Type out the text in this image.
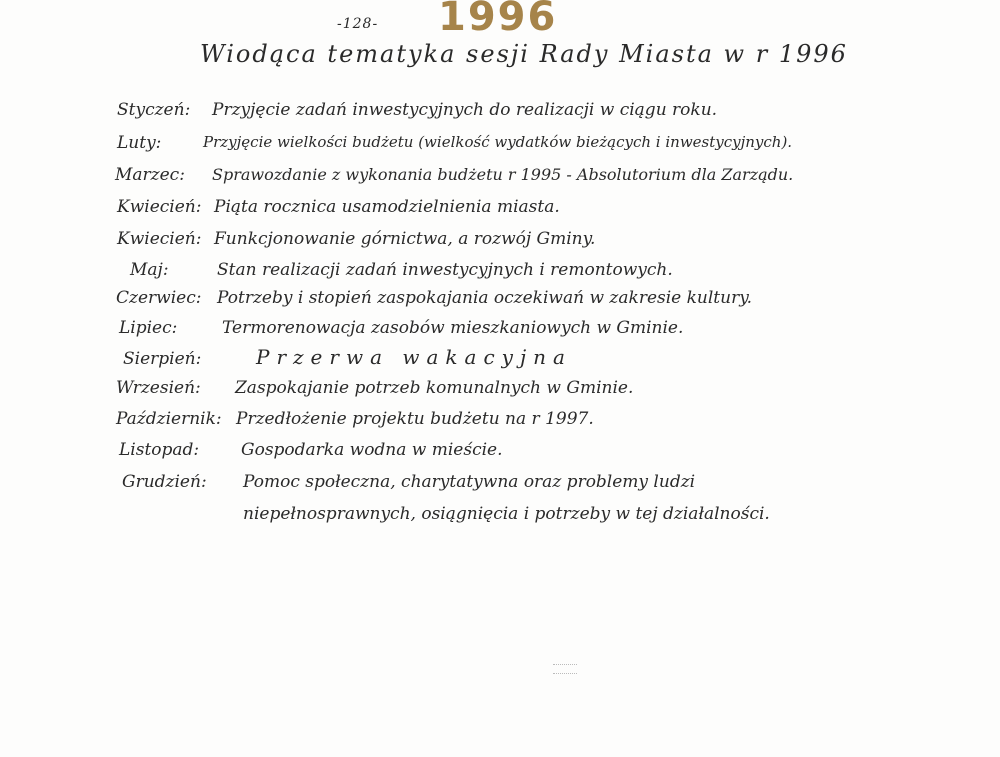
-128- 1996
Wiodąca tematyka sesji Rady Miasta w r 1996
Styczeń: Przyjęcie zadań inwestycyjnych do realizacji w ciągu roku.
Luty:	Przyjęcie wielkości budżetu (wielkość wydatków bieżących i inwestycyjnych).
Marzec: Sprawozdanie z wykonania budżetu r 1995 - Absolutorium dla Zarządu.
Kwiecień: Piąta rocznica usamodzielnienia miasta.
Kwiecień: Funkcjonowanie górnictwa, a rozwój Gminy.
Maj:	Stan realizacji zadań inwestycyjnych i remontowych.
Czerwiec: Potrzeby i stopień zaspokajania oczekiwań w zakresie kultury.
Lipiec:	Termorenowacja zasobów mieszkaniowych w Gminie.
Sierpień:	Przerwa wakacyjna
Wrzesień: Zaspokajanie potrzeb komunalnych w Gminie.
Październik: Przedłożenie projektu budżetu na r 1997.
Listopad: Gospodarka wodna w mieście.
Grudzień: Pomoc społeczna, charytatywna oraz problemy ludzi
niepełnosprawnych, osiągnięcia i potrzeby w tej działalności.
